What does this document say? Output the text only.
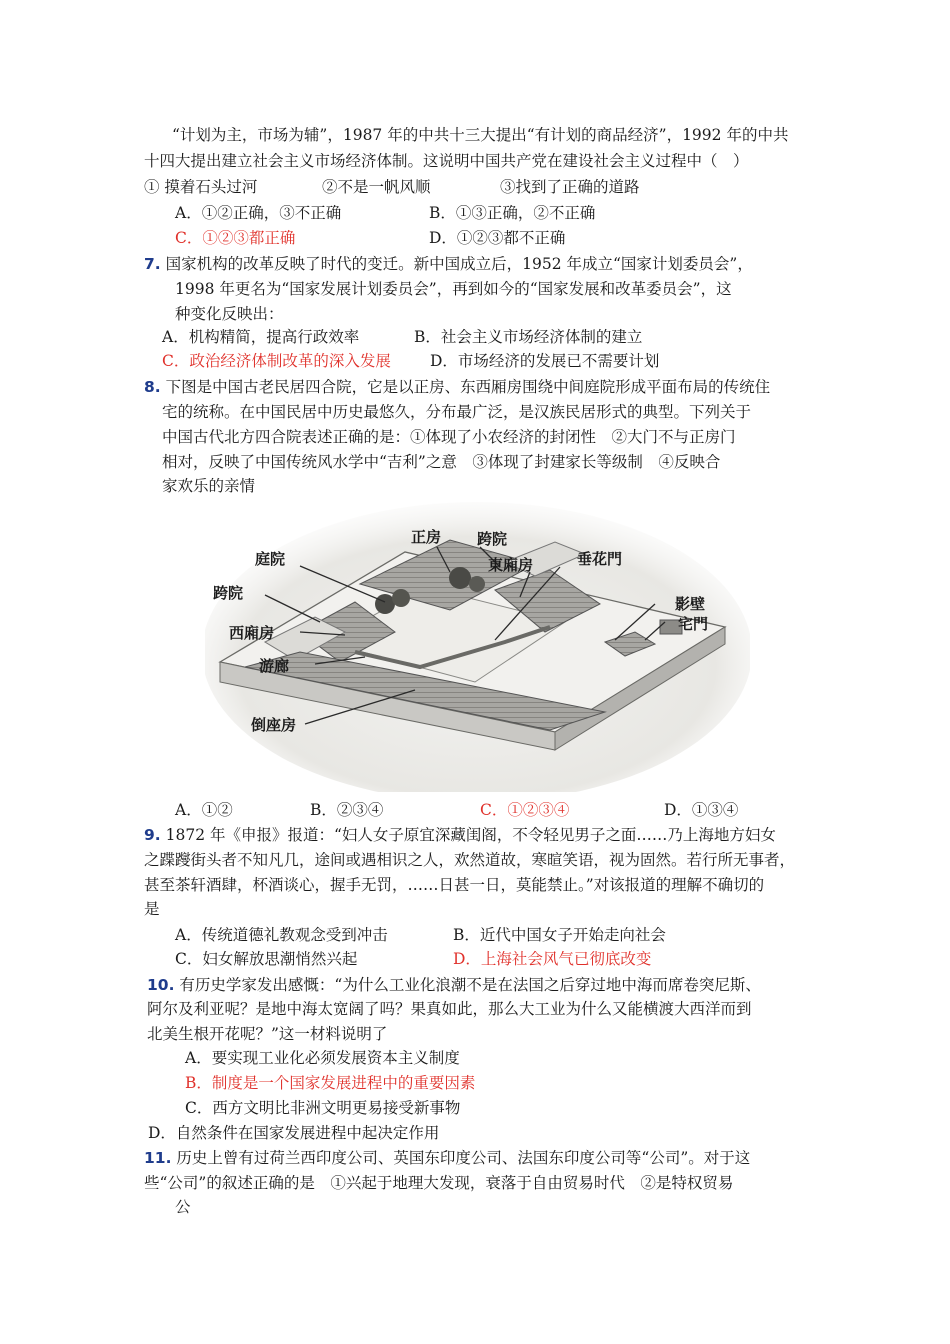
“计划为主，市场为辅”，1987 年的中共十三大提出“有计划的商品经济”，1992 年的中共
十四大提出建立社会主义市场经济体制。这说明中国共产党在建设社会主义过程中（　）
① 摸着石头过河	②不是一帆风顺	③找到了正确的道路
A．①②正确，③不正确	B．①③正确，②不正确
C．①②③都正确	D．①②③都不正确
7. 国家机构的改革反映了时代的变迁。新中国成立后，1952 年成立“国家计划委员会”，
1998 年更名为“国家发展计划委员会”，再到如今的“国家发展和改革委员会”，这
种变化反映出：
A．机构精简，提高行政效率	B．社会主义市场经济体制的建立
C．政治经济体制改革的深入发展	D．市场经济的发展已不需要计划
8. 下图是中国古老民居四合院，它是以正房、东西厢房围绕中间庭院形成平面布局的传统住
宅的统称。在中国民居中历史最悠久，分布最广泛，是汉族民居形式的典型。下列关于
中国古代北方四合院表述正确的是：①体现了小农经济的封闭性　②大门不与正房门
相对，反映了中国传统风水学中“吉利”之意　③体现了封建家长等级制　④反映合
家欢乐的亲情
正房 跨院
庭院	東廂房	垂花門
跨院
影壁
西廂房	宅門
游廊
倒座房
A．①②	B．②③④	C．①②③④	D．①③④
9. 1872 年《申报》报道：“妇人女子原宜深藏闺阁，不令轻见男子之面……乃上海地方妇女
之蹀躞街头者不知凡几，途间或遇相识之人，欢然道故，寒暄笑语，视为固然。若行所无事者，
甚至茶轩酒肆，杯酒谈心，握手无罚，……日甚一日，莫能禁止。”对该报道的理解不确切的
是
A．传统道德礼教观念受到冲击	B．近代中国女子开始走向社会
C．妇女解放思潮悄然兴起	D．上海社会风气已彻底改变
10. 有历史学家发出感慨：“为什么工业化浪潮不是在法国之后穿过地中海而席卷突尼斯、
阿尔及利亚呢？是地中海太宽阔了吗？果真如此，那么大工业为什么又能横渡大西洋而到
北美生根开花呢？”这一材料说明了
A．要实现工业化必须发展资本主义制度
B．制度是一个国家发展进程中的重要因素
C．西方文明比非洲文明更易接受新事物
D．自然条件在国家发展进程中起决定作用
11. 历史上曾有过荷兰西印度公司、英国东印度公司、法国东印度公司等“公司”。对于这
些“公司”的叙述正确的是　①兴起于地理大发现，衰落于自由贸易时代　②是特权贸易
公
